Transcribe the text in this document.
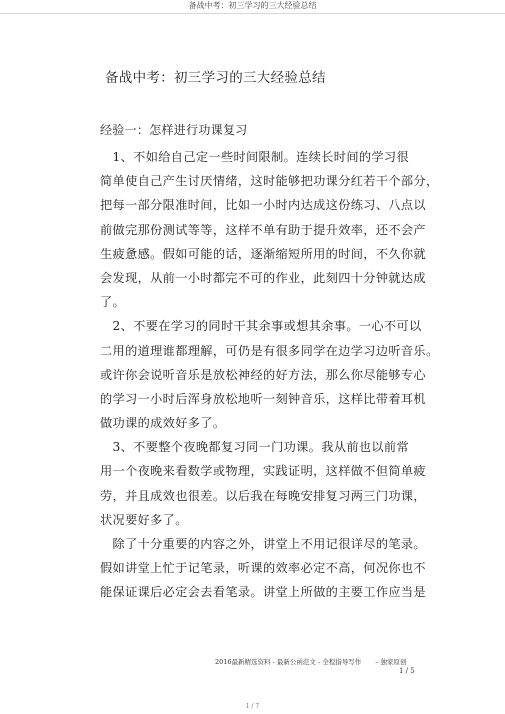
备战中考：初三学习的三大经验总结
备战中考：初三学习的三大经验总结
经验一：怎样进行功课复习
　1、不如给自己定一些时间限制。连续长时间的学习很
简单使自己产生讨厌情绪，这时能够把功课分红若干个部分，
把每一部分限准时间，比如一小时内达成这份练习、八点以
前做完那份测试等等，这样不单有助于提升效率，还不会产
生疲惫感。假如可能的话，逐渐缩短所用的时间，不久你就
会发现，从前一小时都完不可的作业，此刻四十分钟就达成
了。
　2、不要在学习的同时干其余事或想其余事。一心不可以
二用的道理谁都理解，可仍是有很多同学在边学习边听音乐。
或许你会说听音乐是放松神经的好方法，那么你尽能够专心
的学习一小时后浑身放松地听一刻钟音乐，这样比带着耳机
做功课的成效好多了。
　3、不要整个夜晚都复习同一门功课。我从前也以前常
用一个夜晚来看数学或物理，实践证明，这样做不但简单疲
劳，并且成效也很差。以后我在每晚安排复习两三门功课，
状况要好多了。
　除了十分重要的内容之外，讲堂上不用记很详尽的笔录。
假如讲堂上忙于记笔录，听课的效率必定不高，何况你也不
能保证课后必定会去看笔录。讲堂上所做的主要工作应当是
2016最新精选资料 - 最新公函范文 - 全程指导写作 – 独家原创
1 / 5
1 / 7
